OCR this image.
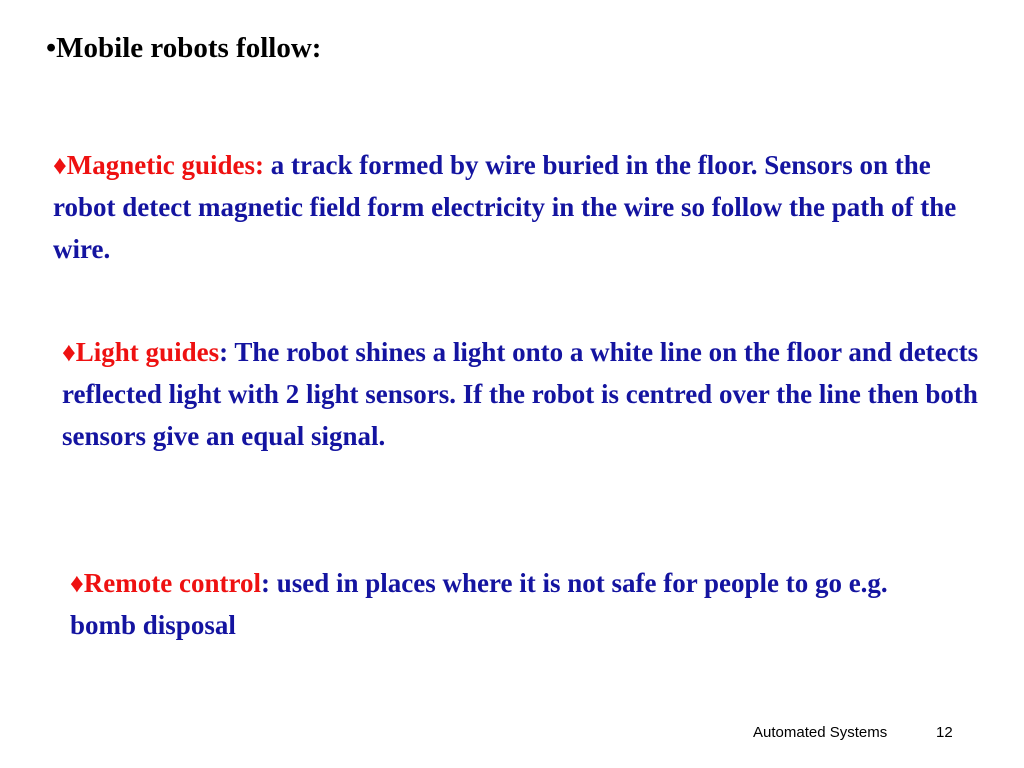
•Mobile robots follow:
♦Magnetic guides: a track formed by wire buried in the floor. Sensors on the robot detect magnetic field form electricity in the wire so follow the path of the wire.
♦Light guides: The robot shines a light onto a white line on the floor and detects reflected light with 2 light sensors. If the robot is centred over the line then both sensors give an equal signal.
♦Remote control: used in places where it is not safe for people to go e.g. bomb disposal
Automated Systems	12
